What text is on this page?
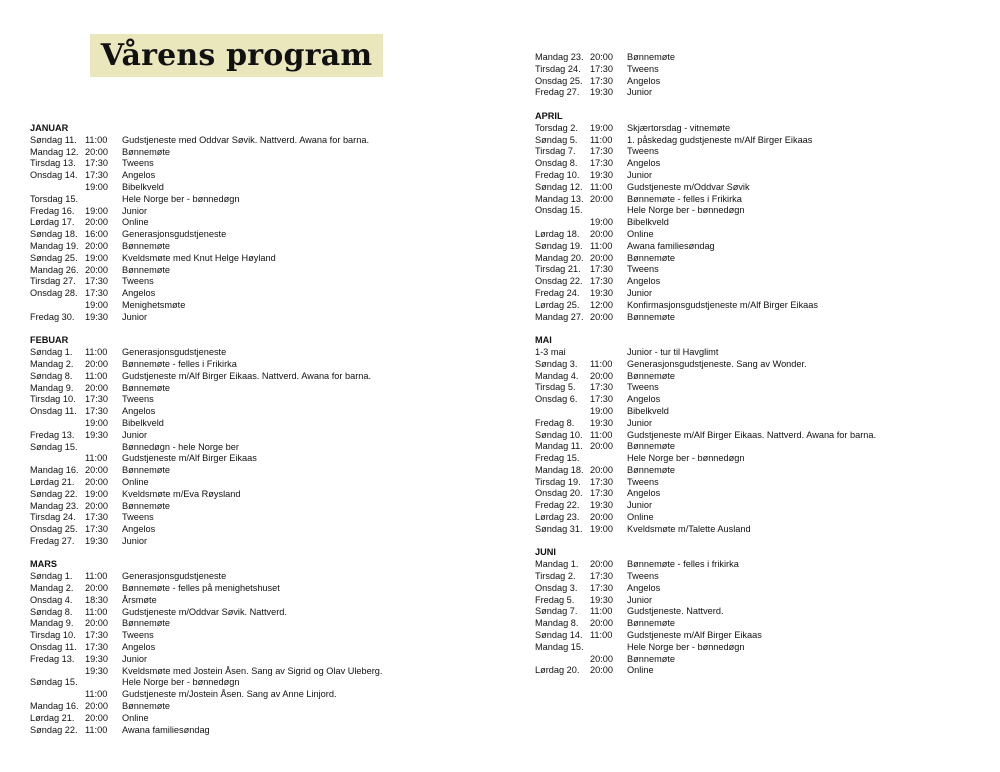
Vårens program
JANUAR
Søndag 11. 11:00	Gudstjeneste med Oddvar Søvik. Nattverd. Awana for barna.
Mandag 12. 20:00	Bønnemøte
Tirsdag 13.	17:30	Tweens
Onsdag 14. 17:30	Angelos
19:00	Bibelkveld
Torsdag 15.	Hele Norge ber - bønnedøgn
Fredag 16.	19:00	Junior
Lørdag 17.	20:00	Online
Søndag 18. 16:00	Generasjonsgudstjeneste
Mandag 19. 20:00	Bønnemøte
Søndag 25. 19:00	Kveldsmøte med Knut Helge Høyland
Mandag 26. 20:00	Bønnemøte
Tirsdag 27.	17:30	Tweens
Onsdag 28. 17:30	Angelos
19:00	Menighetsmøte
Fredag 30.	19:30	Junior
FEBUAR
Søndag 1.	11:00	Generasjonsgudstjeneste
Mandag 2.	20:00	Bønnemøte - felles i Frikirka
Søndag 8.	11:00	Gudstjeneste m/Alf Birger Eikaas. Nattverd. Awana for barna.
Mandag 9.	20:00	Bønnemøte
Tirsdag 10.	17:30	Tweens
Onsdag 11. 17:30	Angelos
19:00	Bibelkveld
Fredag 13.	19:30	Junior
Søndag 15.	Bønnedøgn - hele Norge ber
11:00	Gudstjeneste m/Alf Birger Eikaas
Mandag 16. 20:00	Bønnemøte
Lørdag 21.	20:00	Online
Søndag 22. 19:00	Kveldsmøte m/Eva Røysland
Mandag 23. 20:00	Bønnemøte
Tirsdag 24.	17:30	Tweens
Onsdag 25. 17:30	Angelos
Fredag 27.	19:30	Junior
MARS
Søndag 1.	11:00	Generasjonsgudstjeneste
Mandag 2.	20:00	Bønnemøte - felles på menighetshuset
Onsdag 4.	18:30	Årsmøte
Søndag 8.	11:00	Gudstjeneste m/Oddvar Søvik. Nattverd.
Mandag 9.	20:00	Bønnemøte
Tirsdag 10.	17:30	Tweens
Onsdag 11. 17:30	Angelos
Fredag 13.	19:30	Junior
19:30	Kveldsmøte med Jostein Åsen. Sang av Sigrid og Olav Uleberg.
Søndag 15.	Hele Norge ber - bønnedøgn
11:00	Gudstjeneste m/Jostein Åsen. Sang av Anne Linjord.
Mandag 16. 20:00	Bønnemøte
Lørdag 21.	20:00	Online
Søndag 22. 11:00	Awana familiesøndag
Mandag 23. 20:00	Bønnemøte
Tirsdag 24.	17:30	Tweens
Onsdag 25. 17:30	Angelos
Fredag 27.	19:30	Junior
APRIL
Torsdag 2.	19:00	Skjærtorsdag - vitnemøte
Søndag 5.	11:00	1. påskedag gudstjeneste m/Alf Birger Eikaas
Tirsdag 7.	17:30	Tweens
Onsdag 8.	17:30	Angelos
Fredag 10.	19:30	Junior
Søndag 12. 11:00	Gudstjeneste m/Oddvar Søvik
Mandag 13. 20:00	Bønnemøte - felles i Frikirka
Onsdag 15.	Hele Norge ber - bønnedøgn
19:00	Bibelkveld
Lørdag 18.	20:00	Online
Søndag 19. 11:00	Awana familiesøndag
Mandag 20. 20:00	Bønnemøte
Tirsdag 21.	17:30	Tweens
Onsdag 22. 17:30	Angelos
Fredag 24.	19:30	Junior
Lørdag 25.	12:00	Konfirmasjonsgudstjeneste m/Alf Birger Eikaas
Mandag 27. 20:00	Bønnemøte
MAI
1-3 mai	Junior - tur til Havglimt
Søndag 3.	11:00	Generasjonsgudstjeneste. Sang av Wonder.
Mandag 4.	20:00	Bønnemøte
Tirsdag 5.	17:30	Tweens
Onsdag 6.	17:30	Angelos
19:00	Bibelkveld
Fredag 8.	19:30	Junior
Søndag 10. 11:00	Gudstjeneste m/Alf Birger Eikaas. Nattverd. Awana for barna.
Mandag 11. 20:00	Bønnemøte
Fredag 15.	Hele Norge ber - bønnedøgn
Mandag 18. 20:00	Bønnemøte
Tirsdag 19.	17:30	Tweens
Onsdag 20. 17:30	Angelos
Fredag 22.	19:30	Junior
Lørdag 23.	20:00	Online
Søndag 31. 19:00	Kveldsmøte m/Talette Ausland
JUNI
Mandag 1.	20:00	Bønnemøte - felles i frikirka
Tirsdag 2.	17:30	Tweens
Onsdag 3.	17:30	Angelos
Fredag 5.	19:30	Junior
Søndag 7.	11:00	Gudstjeneste. Nattverd.
Mandag 8.	20:00	Bønnemøte
Søndag 14. 11:00	Gudstjeneste m/Alf Birger Eikaas
Mandag 15.	Hele Norge ber - bønnedøgn
20:00	Bønnemøte
Lørdag 20.	20:00	Online
